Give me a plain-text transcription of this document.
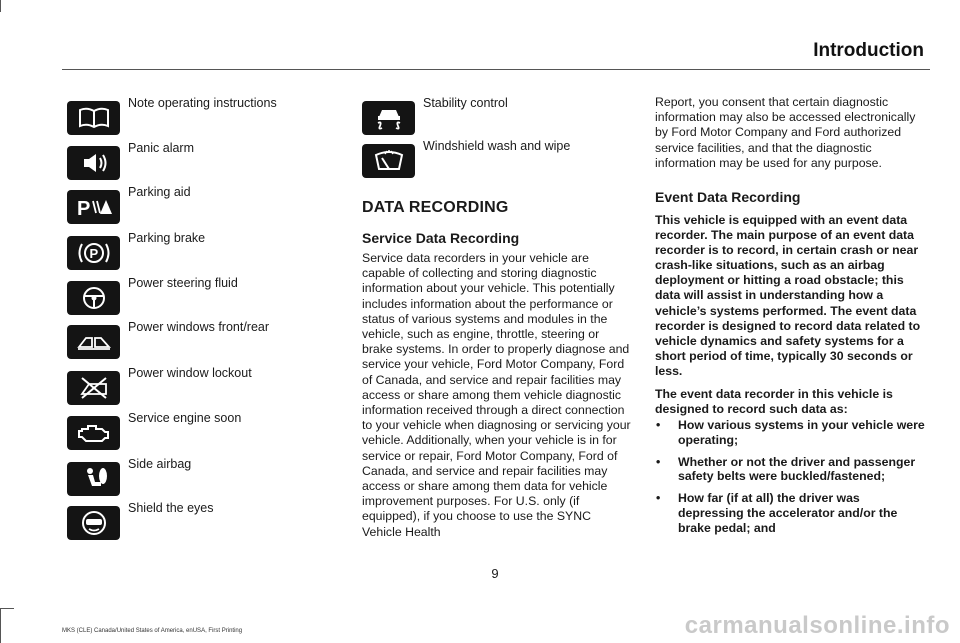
Introduction
Note operating instructions
Panic alarm
P
Parking aid
P
Parking brake
Power steering fluid
Power windows front/rear
Power window lockout
Service engine soon
Side airbag
Shield the eyes
Stability control
Windshield wash and wipe
DATA RECORDING
Service Data Recording
Service data recorders in your vehicle are capable of collecting and storing diagnostic information about your vehicle. This potentially includes information about the performance or status of various systems and modules in the vehicle, such as engine, throttle, steering or brake systems. In order to properly diagnose and service your vehicle, Ford Motor Company, Ford of Canada, and service and repair facilities may access or share among them vehicle diagnostic information received through a direct connection to your vehicle when diagnosing or servicing your vehicle. Additionally, when your vehicle is in for service or repair, Ford Motor Company, Ford of Canada, and service and repair facilities may access or share among them data for vehicle improvement purposes. For U.S. only (if equipped), if you choose to use the SYNC Vehicle Health
Report, you consent that certain diagnostic information may also be accessed electronically by Ford Motor Company and Ford authorized service facilities, and that the diagnostic information may be used for any purpose.
Event Data Recording
This vehicle is equipped with an event data recorder. The main purpose of an event data recorder is to record, in certain crash or near crash-like situations, such as an airbag deployment or hitting a road obstacle; this data will assist in understanding how a vehicle’s systems performed. The event data recorder is designed to record data related to vehicle dynamics and safety systems for a short period of time, typically 30 seconds or less.
The event data recorder in this vehicle is designed to record such data as:
• How various systems in your vehicle were operating;
• Whether or not the driver and passenger safety belts were buckled/fastened;
• How far (if at all) the driver was depressing the accelerator and/or the brake pedal; and
9
MKS (CLE) Canada/United States of America, enUSA, First Printing	carmanualsonline.info
